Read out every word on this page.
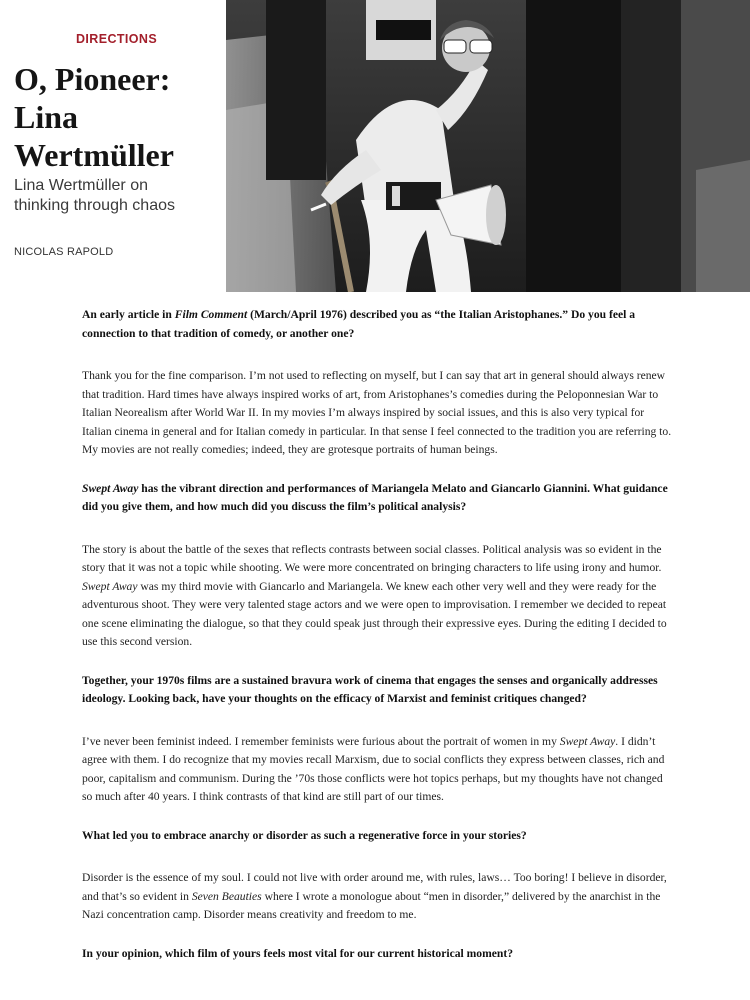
DIRECTIONS
O, Pioneer:
Lina
Wertmüller

Lina Wertmüller on
thinking through chaos

NICOLAS RAPOLD

An early article in Film Comment (March/April 1976) described you as “the Italian Aristophanes.” Do you feel a connection to that tradition of comedy, or another one?

Thank you for the fine comparison. I’m not used to reflecting on myself, but I can say that art in general should always renew that tradition. Hard times have always inspired works of art, from Aristophanes’s comedies during the Peloponnesian War to Italian Neorealism after World War II. In my movies I’m always inspired by social issues, and this is also very typical for Italian cinema in general and for Italian comedy in particular. In that sense I feel connected to the tradition you are referring to. My movies are not really comedies; indeed, they are grotesque portraits of human beings.

Swept Away has the vibrant direction and performances of Mariangela Melato and Giancarlo Giannini. What guidance did you give them, and how much did you discuss the film’s political analysis?

The story is about the battle of the sexes that reflects contrasts between social classes. Political analysis was so evident in the story that it was not a topic while shooting. We were more concentrated on bringing characters to life using irony and humor. Swept Away was my third movie with Giancarlo and Mariangela. We knew each other very well and they were ready for the adventurous shoot. They were very talented stage actors and we were open to improvisation. I remember we decided to repeat one scene eliminating the dialogue, so that they could speak just through their expressive eyes. During the editing I decided to use this second version.

Together, your 1970s films are a sustained bravura work of cinema that engages the senses and organically addresses ideology. Looking back, have your thoughts on the efficacy of Marxist and feminist critiques changed?

I’ve never been feminist indeed. I remember feminists were furious about the portrait of women in my Swept Away. I didn’t agree with them. I do recognize that my movies recall Marxism, due to social conflicts they express between classes, rich and poor, capitalism and communism. During the ’70s those conflicts were hot topics perhaps, but my thoughts have not changed so much after 40 years. I think contrasts of that kind are still part of our times.

What led you to embrace anarchy or disorder as such a regenerative force in your stories?

Disorder is the essence of my soul. I could not live with order around me, with rules, laws… Too boring! I believe in disorder, and that’s so evident in Seven Beauties where I wrote a monologue about “men in disorder,” delivered by the anarchist in the Nazi concentration camp. Disorder means creativity and freedom to me.

In your opinion, which film of yours feels most vital for our current historical moment?
